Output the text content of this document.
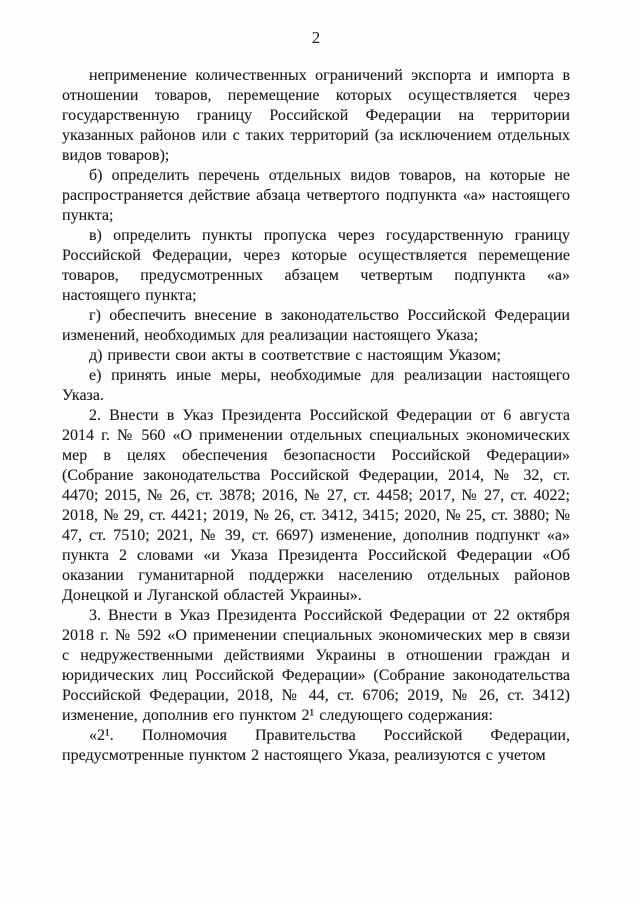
2

неприменение количественных ограничений экспорта и импорта в отношении товаров, перемещение которых осуществляется через государственную границу Российской Федерации на территории указанных районов или с таких территорий (за исключением отдельных видов товаров);

б) определить перечень отдельных видов товаров, на которые не распространяется действие абзаца четвертого подпункта «а» настоящего пункта;

в) определить пункты пропуска через государственную границу Российской Федерации, через которые осуществляется перемещение товаров, предусмотренных абзацем четвертым подпункта «а» настоящего пункта;

г) обеспечить внесение в законодательство Российской Федерации изменений, необходимых для реализации настоящего Указа;

д) привести свои акты в соответствие с настоящим Указом;

е) принять иные меры, необходимые для реализации настоящего Указа.

2. Внести в Указ Президента Российской Федерации от 6 августа 2014 г. № 560 «О применении отдельных специальных экономических мер в целях обеспечения безопасности Российской Федерации» (Собрание законодательства Российской Федерации, 2014, № 32, ст. 4470; 2015, № 26, ст. 3878; 2016, № 27, ст. 4458; 2017, № 27, ст. 4022; 2018, № 29, ст. 4421; 2019, № 26, ст. 3412, 3415; 2020, № 25, ст. 3880; № 47, ст. 7510; 2021, № 39, ст. 6697) изменение, дополнив подпункт «а» пункта 2 словами «и Указа Президента Российской Федерации «Об оказании гуманитарной поддержки населению отдельных районов Донецкой и Луганской областей Украины».

3. Внести в Указ Президента Российской Федерации от 22 октября 2018 г. № 592 «О применении специальных экономических мер в связи с недружественными действиями Украины в отношении граждан и юридических лиц Российской Федерации» (Собрание законодательства Российской Федерации, 2018, № 44, ст. 6706; 2019, № 26, ст. 3412) изменение, дополнив его пунктом 2¹ следующего содержания:

«2¹. Полномочия Правительства Российской Федерации, предусмотренные пунктом 2 настоящего Указа, реализуются с учетом
